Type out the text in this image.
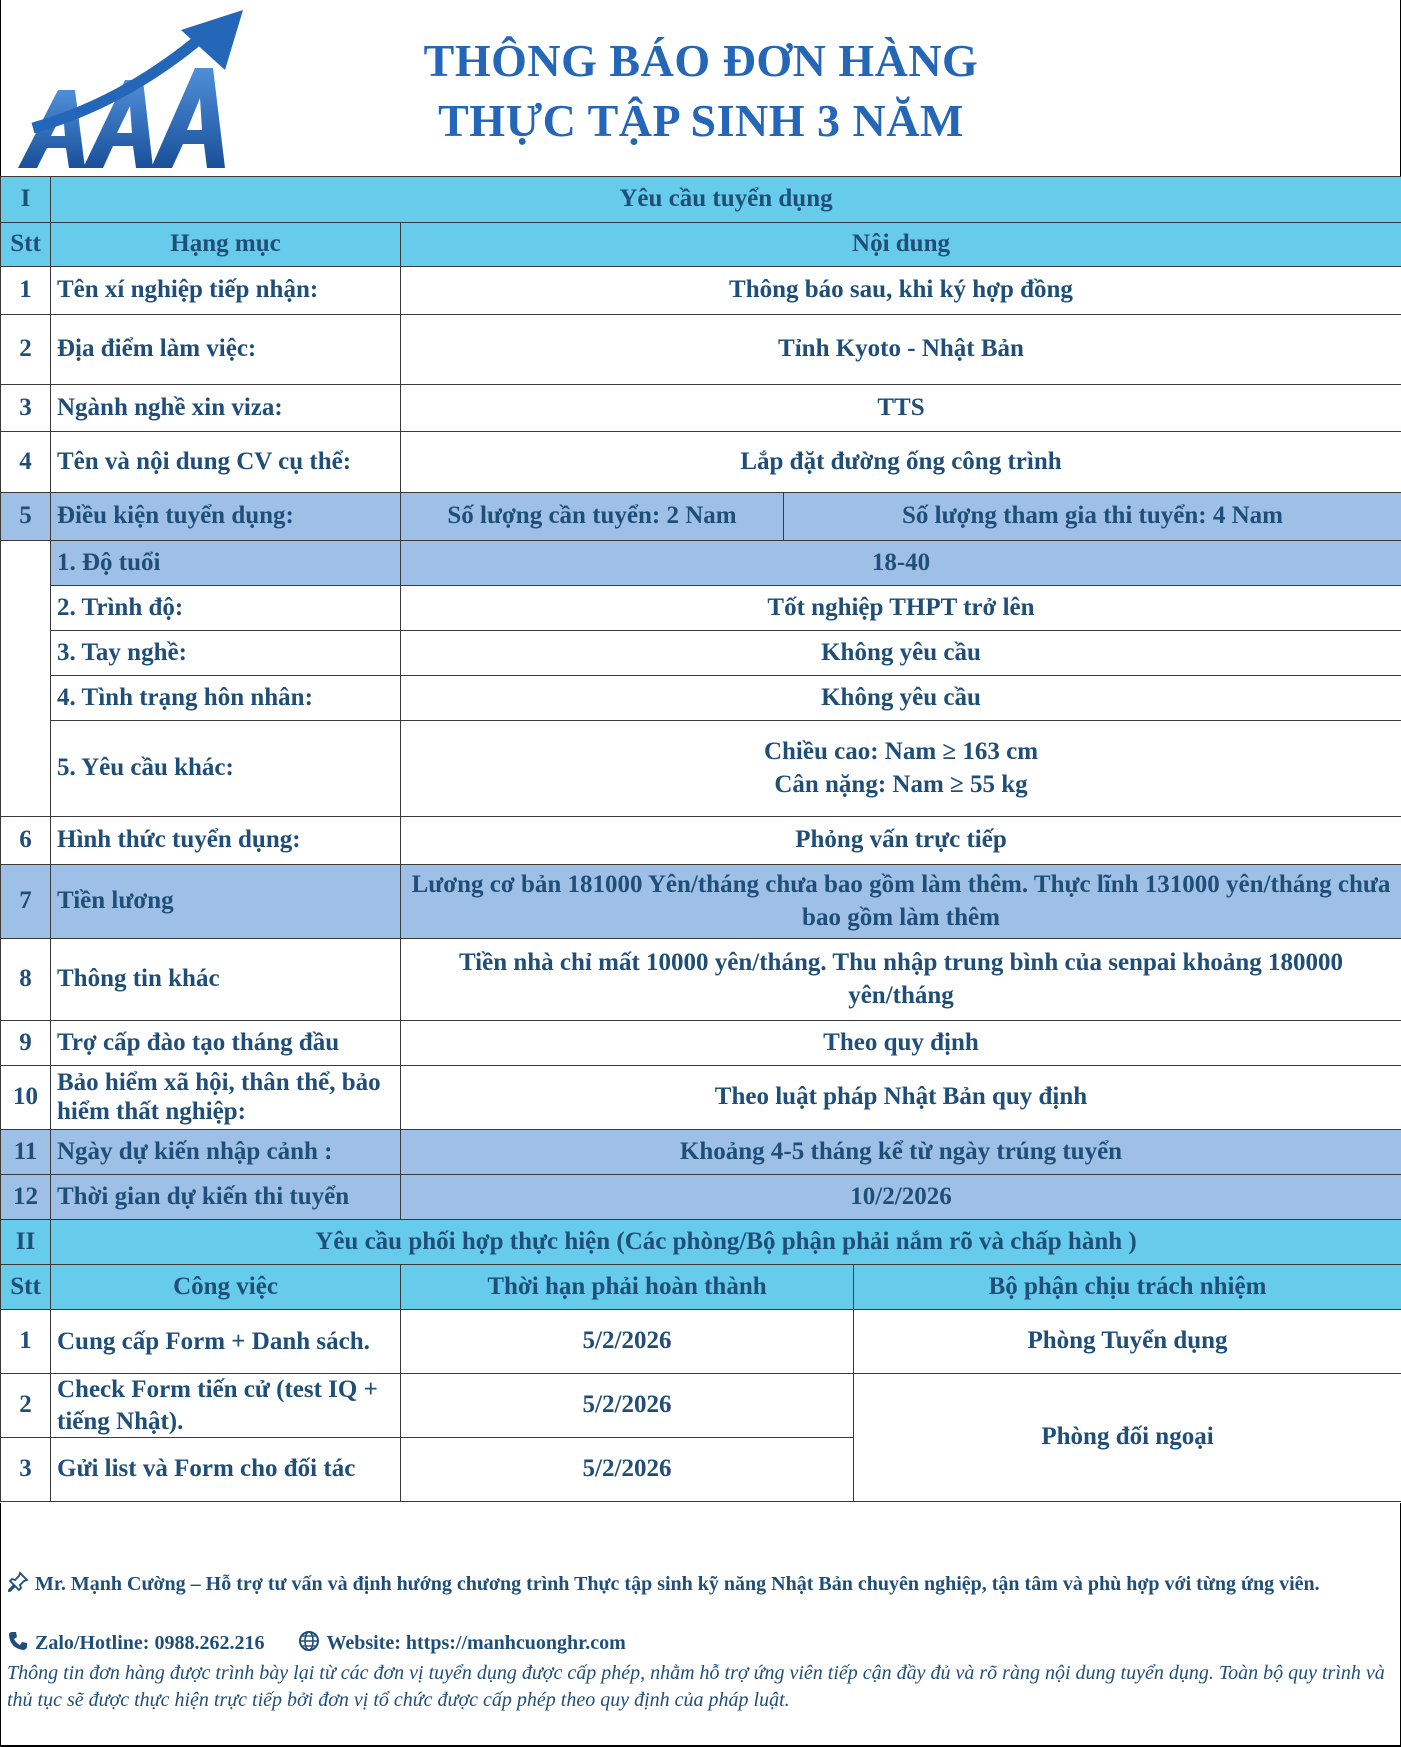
THÔNG BÁO ĐƠN HÀNG
THỰC TẬP SINH 3 NĂM
I	Yêu cầu tuyển dụng			
Stt	Hạng mục	Nội dung		
1	Tên xí nghiệp tiếp nhận:	Thông báo sau, khi ký hợp đồng		
2	Địa điểm làm việc:	Tỉnh Kyoto - Nhật Bản		
3	Ngành nghề xin viza:	TTS		
4	Tên và nội dung CV cụ thể:	Lắp đặt đường ống công trình		
5	Điều kiện tuyển dụng:	Số lượng cần tuyển: 2 Nam	Số lượng tham gia thi tuyển: 4 Nam	
	1. Độ tuổi	18-40		
	2. Trình độ:	Tốt nghiệp THPT trở lên		
	3. Tay nghề:	Không yêu cầu		
	4. Tình trạng hôn nhân:	Không yêu cầu		
	5. Yêu cầu khác:	Chiều cao: Nam ≥ 163 cm
Cân nặng: Nam ≥ 55 kg		

6	Hình thức tuyển dụng:	Phỏng vấn trực tiếp		
7	Tiền lương	Lương cơ bản 181000 Yên/tháng chưa bao gồm làm thêm. Thực lĩnh 131000 yên/tháng chưa bao gồm làm thêm		
8	Thông tin khác	Tiền nhà chỉ mất 10000 yên/tháng. Thu nhập trung bình của senpai khoảng 180000 yên/tháng		
9	Trợ cấp đào tạo tháng đầu	Theo quy định		
10	Bảo hiểm xã hội, thân thể, bảo hiểm thất nghiệp:	Theo luật pháp Nhật Bản quy định		
11	Ngày dự kiến nhập cảnh :	Khoảng 4-5 tháng kể từ ngày trúng tuyển		
12	Thời gian dự kiến thi tuyển	10/2/2026		
II	Yêu cầu phối hợp thực hiện (Các phòng/Bộ phận phải nắm rõ và chấp hành )			
Stt	Công việc	Thời hạn phải hoàn thành		Bộ phận chịu trách nhiệm
1	Cung cấp Form + Danh sách.	5/2/2026		Phòng Tuyển dụng
2	Check Form tiến cử (test IQ + tiếng Nhật).	5/2/2026		Phòng đối ngoại
3	Gửi list và Form cho đối tác	5/2/2026		
Mr. Mạnh Cường – Hỗ trợ tư vấn và định hướng chương trình Thực tập sinh kỹ năng Nhật Bản chuyên nghiệp, tận tâm và phù hợp với từng ứng viên.
Zalo/Hotline: 0988.262.216	Website: https://manhcuonghr.com
Thông tin đơn hàng được trình bày lại từ các đơn vị tuyển dụng được cấp phép, nhằm hỗ trợ ứng viên tiếp cận đầy đủ và rõ ràng nội dung tuyển dụng. Toàn bộ quy trình và thủ tục sẽ được thực hiện trực tiếp bởi đơn vị tổ chức được cấp phép theo quy định của pháp luật.
